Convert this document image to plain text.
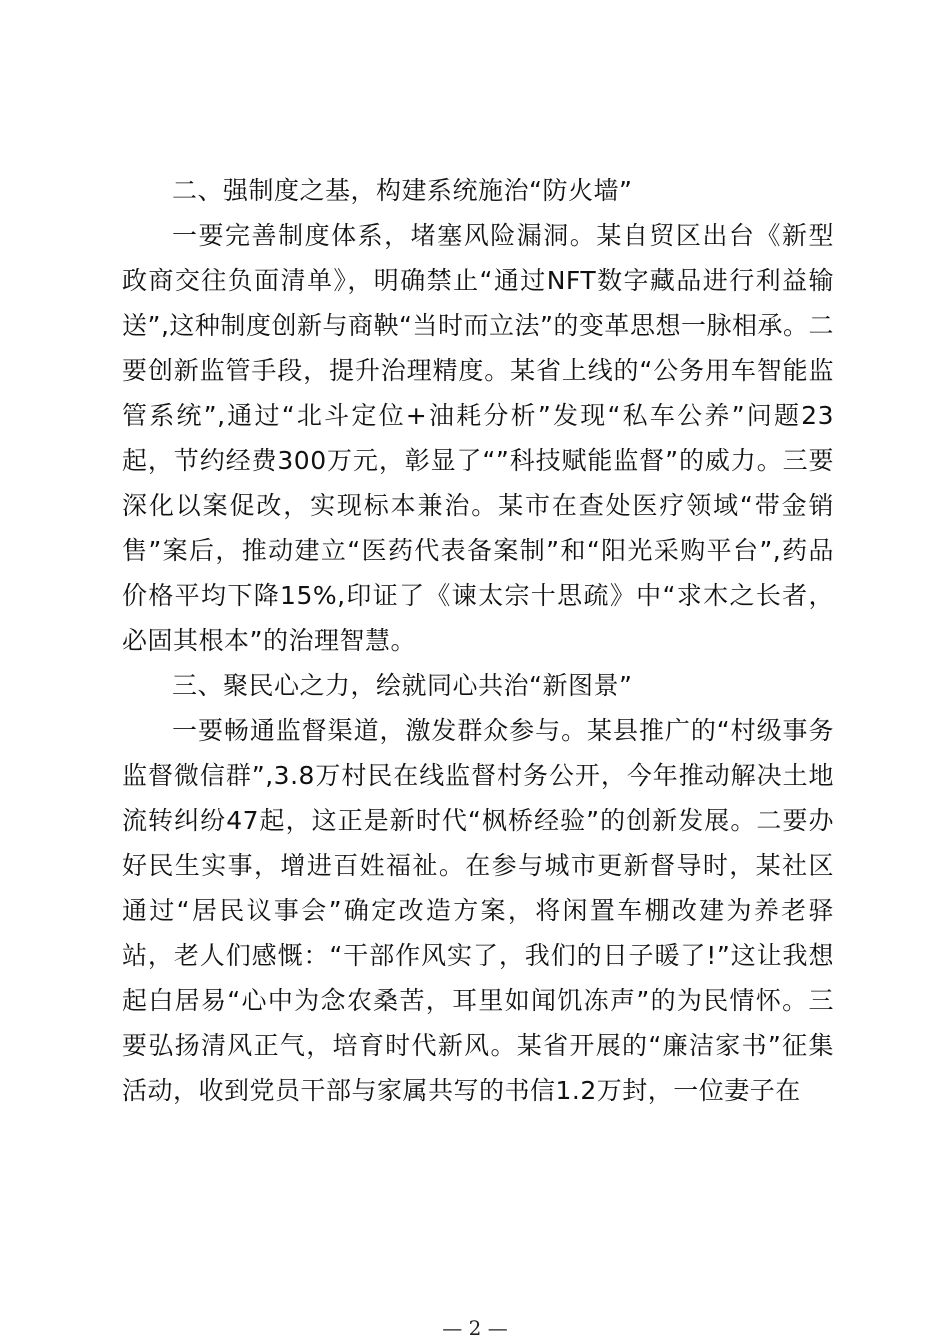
二、强制度之基，构建系统施治“防火墙”

一要完善制度体系，堵塞风险漏洞。某自贸区出台《新型政商交往负面清单》，明确禁止“通过NFT数字藏品进行利益输送”,这种制度创新与商鞅“当时而立法”的变革思想一脉相承。二要创新监管手段，提升治理精度。某省上线的“公务用车智能监管系统”,通过“北斗定位+油耗分析”发现“私车公养”问题23起，节约经费300万元，彰显了“”科技赋能监督”的威力。三要深化以案促改，实现标本兼治。某市在查处医疗领域“带金销售”案后，推动建立“医药代表备案制”和“阳光采购平台”,药品价格平均下降15%,印证了《谏太宗十思疏》中“求木之长者，必固其根本”的治理智慧。

三、聚民心之力，绘就同心共治“新图景”

一要畅通监督渠道，激发群众参与。某县推广的“村级事务监督微信群”,3.8万村民在线监督村务公开，今年推动解决土地流转纠纷47起，这正是新时代“枫桥经验”的创新发展。二要办好民生实事，增进百姓福祉。在参与城市更新督导时，某社区通过“居民议事会”确定改造方案，将闲置车棚改建为养老驿站，老人们感慨：“干部作风实了，我们的日子暖了!”这让我想起白居易“心中为念农桑苦，耳里如闻饥冻声”的为民情怀。三要弘扬清风正气，培育时代新风。某省开展的“廉洁家书”征集活动，收到党员干部与家属共写的书信1.2万封，一位妻子在

— 2 —
